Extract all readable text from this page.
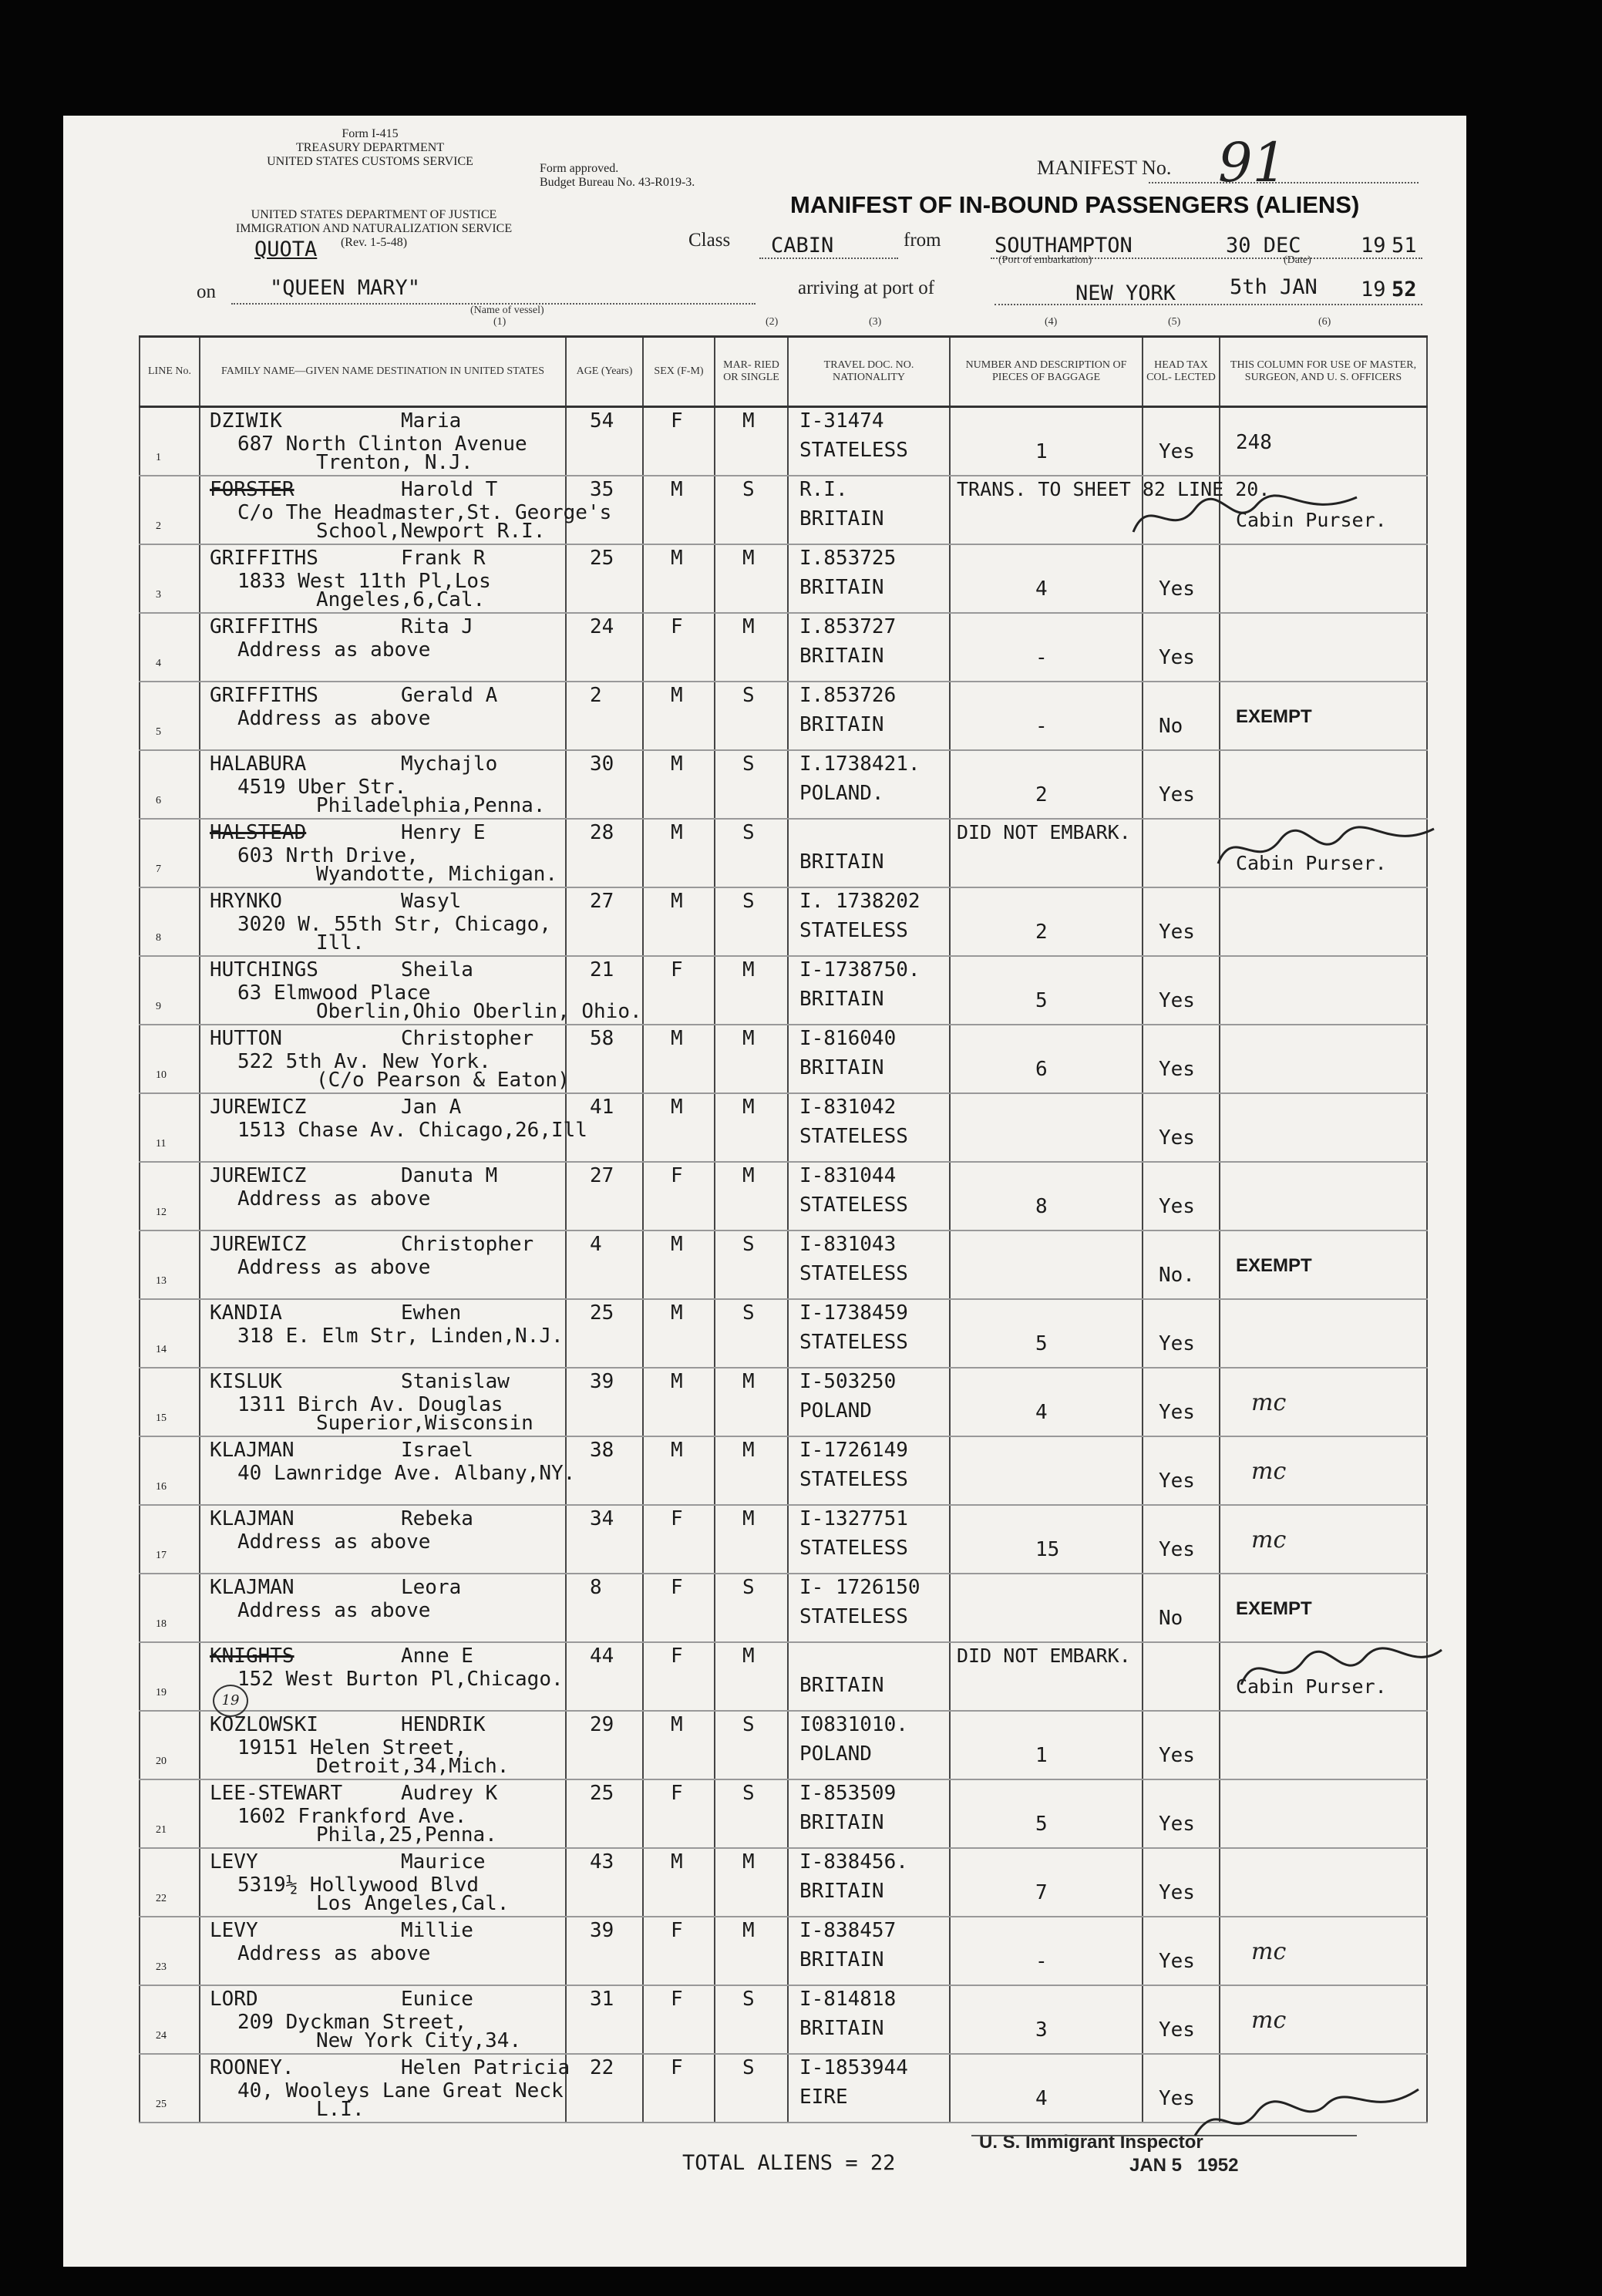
Form I-415
TREASURY DEPARTMENT
UNITED STATES CUSTOMS SERVICE
Form approved.
Budget Bureau No. 43-R019-3.
UNITED STATES DEPARTMENT OF JUSTICE
IMMIGRATION AND NATURALIZATION SERVICE
(Rev. 1-5-48)
MANIFEST No. 91
MANIFEST OF IN-BOUND PASSENGERS (ALIENS)
QUOTA	Class CABIN	from	SOUTHAMPTON	30 DEC	19 51
(Port of embarkation)	(Date)
on	"QUEEN MARY"
(Name of vessel)
arriving at port of	NEW YORK	5th JAN 19 52
(1)	(2)	(3)	(4)	(5)	(6)
LINE No.	FAMILY NAME—GIVEN NAME DESTINATION IN UNITED STATES	AGE (Years)	SEX (F-M)	MAR- RIED OR SINGLE	TRAVEL DOC. NO. NATIONALITY	NUMBER AND DESCRIPTION OF PIECES OF BAGGAGE	HEAD TAX COL- LECTED	THIS COLUMN FOR USE OF MASTER, SURGEON, AND U. S. OFFICERS

1	DZIWIK Maria
687 North Clinton Avenue
Trenton, N.J.	54	F	M	I-31474
STATELESS	1	Yes	248

2	FORSTER Harold T
C/o The Headmaster,St. George's
School,Newport R.I.	35	M	S	R.I.
BRITAIN	TRANS. TO SHEET 82 LINE 20.		Cabin Purser.

3	GRIFFITHS Frank R
1833 West 11th Pl,Los
Angeles,6,Cal.	25	M	M	I.853725
BRITAIN	4	Yes	

4	GRIFFITHS Rita J
Address as above	24	F	M	I.853727
BRITAIN	-	Yes	

5	GRIFFITHS Gerald A
Address as above	2	M	S	I.853726
BRITAIN	-	No	EXEMPT

6	HALABURA Mychajlo
4519 Uber Str.
Philadelphia,Penna.	30	M	S	I.1738421.
POLAND.	2	Yes	

7	HALSTEAD Henry E
603 Nrth Drive,
Wyandotte, Michigan.	28	M	S	BRITAIN	DID NOT EMBARK.		Cabin Purser.

8	HRYNKO Wasyl
3020 W. 55th Str, Chicago,
Ill.	27	M	S	I. 1738202
STATELESS	2	Yes	

9	HUTCHINGS Sheila
63 Elmwood Place
Oberlin,Ohio Oberlin, Ohio.	21	F	M	I-1738750.
BRITAIN	5	Yes	

10	HUTTON Christopher
522 5th Av. New York.
(C/o Pearson & Eaton)	58	M	M	I-816040
BRITAIN	6	Yes	

11	JUREWICZ Jan A
1513 Chase Av. Chicago,26,Ill	41	M	M	I-831042
STATELESS		Yes	

12	JUREWICZ Danuta M
Address as above	27	F	M	I-831044
STATELESS	8	Yes	

13	JUREWICZ Christopher
Address as above	4	M	S	I-831043
STATELESS		No.	EXEMPT

14	KANDIA Ewhen
318 E. Elm Str, Linden,N.J.	25	M	S	I-1738459
STATELESS	5	Yes	

15	KISLUK Stanislaw
1311 Birch Av. Douglas
Superior,Wisconsin	39	M	M	I-503250
POLAND	4	Yes	mc

16	KLAJMAN Israel
40 Lawnridge Ave. Albany,NY.	38	M	M	I-1726149
STATELESS		Yes	mc

17	KLAJMAN Rebeka
Address as above	34	F	M	I-1327751
STATELESS	15	Yes	mc

18	KLAJMAN Leora
Address as above	8	F	S	I- 1726150
STATELESS		No	EXEMPT

19	KNIGHTS Anne E
152 West Burton Pl,Chicago.	44	F	M	BRITAIN	DID NOT EMBARK.		Cabin Purser.

20	KOZLOWSKI HENDRIK
19151 Helen Street,
Detroit,34,Mich.	29	M	S	I0831010.
POLAND	1	Yes	

21	LEE-STEWART Audrey K
1602 Frankford Ave.
Phila,25,Penna.	25	F	S	I-853509
BRITAIN	5	Yes	

22	LEVY Maurice
5319½ Hollywood Blvd
Los Angeles,Cal.	43	M	M	I-838456.
BRITAIN	7	Yes	

23	LEVY Millie
Address as above	39	F	M	I-838457
BRITAIN	-	Yes	mc

24	LORD Eunice
209 Dyckman Street,
New York City,34.	31	F	S	I-814818
BRITAIN	3	Yes	mc

25	ROONEY. Helen Patricia
40, Wooleys Lane Great Neck
L.I.	22	F	S	I-1853944
EIRE	4	Yes	

19
TOTAL ALIENS = 22
U. S. Immigrant Inspector
JAN 5   1952
